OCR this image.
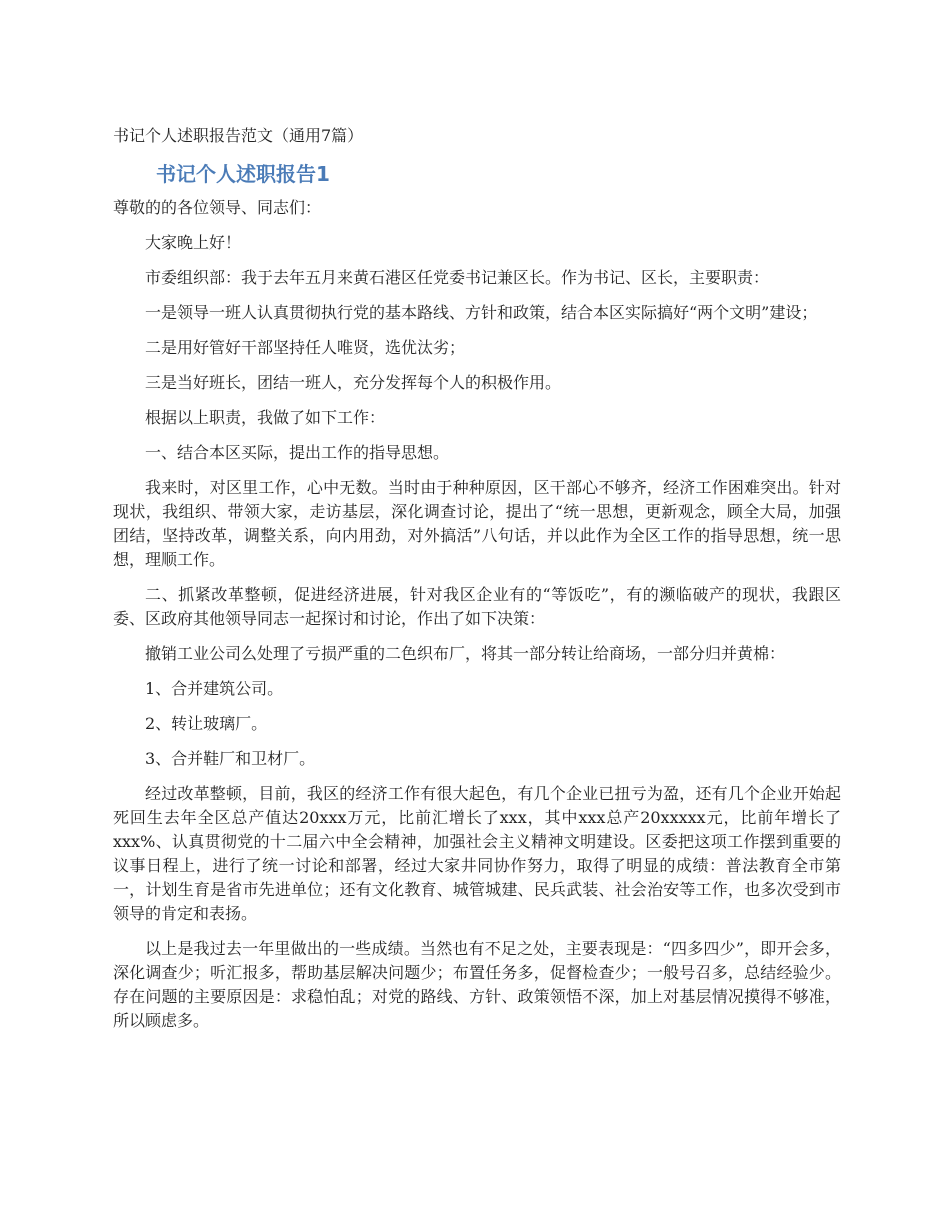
书记个人述职报告范文（通用7篇）

书记个人述职报告1

尊敬的的各位领导、同志们：

大家晚上好！

市委组织部：我于去年五月来黄石港区任党委书记兼区长。作为书记、区长，主要职责：

一是领导一班人认真贯彻执行党的基本路线、方针和政策，结合本区实际搞好“两个文明”建设；

二是用好管好干部坚持任人唯贤，选优汰劣；

三是当好班长，团结一班人，充分发挥每个人的积极作用。

根据以上职责，我做了如下工作：

一、结合本区买际，提出工作的指导思想。

我来时，对区里工作，心中无数。当时由于种种原因，区干部心不够齐，经济工作困难突出。针对现状，我组织、带领大家，走访基层，深化调查讨论，提出了“统一思想，更新观念，顾全大局，加强团结，坚持改革，调整关系，向内用劲，对外搞活”八句话，并以此作为全区工作的指导思想，统一思想，理顺工作。

二、抓紧改革整顿，促进经济进展，针对我区企业有的“等饭吃”，有的濒临破产的现状，我跟区委、区政府其他领导同志一起探讨和讨论，作出了如下决策：

撤销工业公司么处理了亏损严重的二色织布厂，将其一部分转让给商场，一部分归并黄棉：

1、合并建筑公司。

2、转让玻璃厂。

3、合并鞋厂和卫材厂。

经过改革整顿，目前，我区的经济工作有很大起色，有几个企业已扭亏为盈，还有几个企业开始起死回生去年全区总产值达20xxx万元，比前汇增长了xxx，其中xxx总产20xxxxx元，比前年增长了xxx%、认真贯彻党的十二届六中全会精神，加强社会主义精神文明建设。区委把这项工作摆到重要的议事日程上，进行了统一讨论和部署，经过大家井同协作努力，取得了明显的成绩：普法教育全市第一，计划生育是省市先进单位；还有文化教育、城管城建、民兵武装、社会治安等工作，也多次受到市领导的肯定和表扬。

以上是我过去一年里做出的一些成绩。当然也有不足之处，主要表现是：“四多四少”，即开会多，深化调查少；听汇报多，帮助基层解决问题少；布置任务多，促督检查少；一般号召多，总结经验少。存在问题的主要原因是：求稳怕乱；对党的路线、方针、政策领悟不深，加上对基层情况摸得不够准，所以顾虑多。
